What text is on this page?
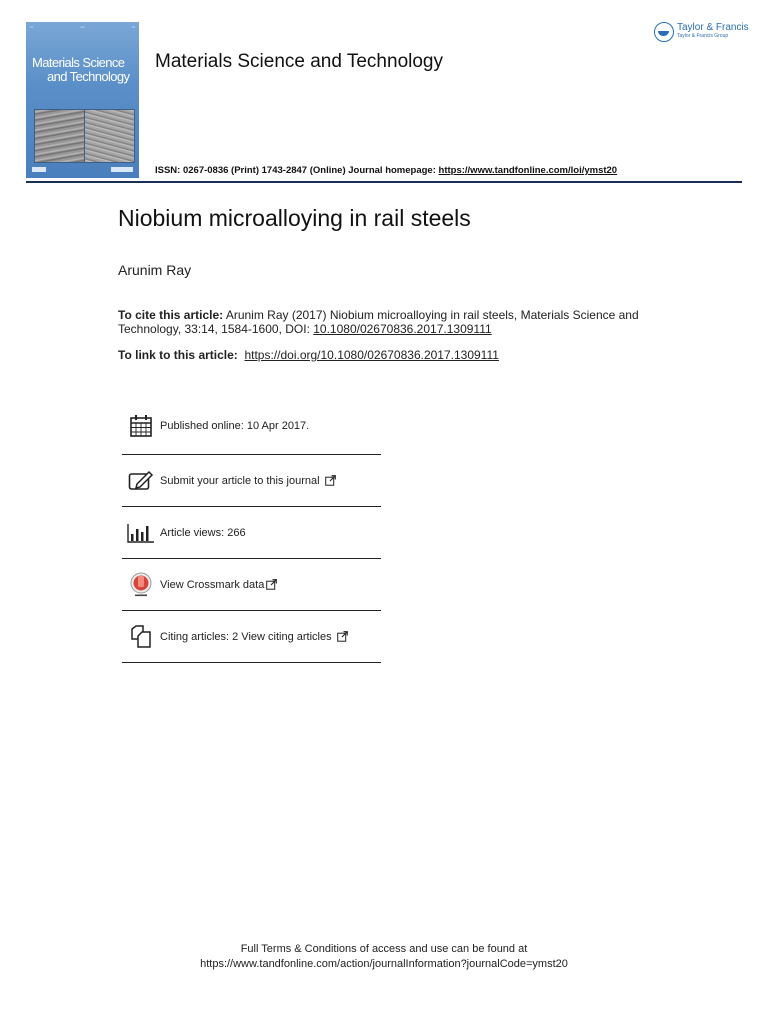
▪▪▪	▪▪▪▪	▪▪▪
Materials Science
and Technology
Materials Science and Technology
Taylor & Francis
Taylor & Francis Group
ISSN: 0267-0836 (Print) 1743-2847 (Online) Journal homepage: https://www.tandfonline.com/loi/ymst20
Niobium microalloying in rail steels
Arunim Ray
To cite this article: Arunim Ray (2017) Niobium microalloying in rail steels, Materials Science and Technology, 33:14, 1584-1600, DOI: 10.1080/02670836.2017.1309111
To link to this article: https://doi.org/10.1080/02670836.2017.1309111
Published online: 10 Apr 2017.
Submit your article to this journal
Article views: 266
View Crossmark data
Citing articles: 2 View citing articles
Full Terms & Conditions of access and use can be found at
https://www.tandfonline.com/action/journalInformation?journalCode=ymst20
